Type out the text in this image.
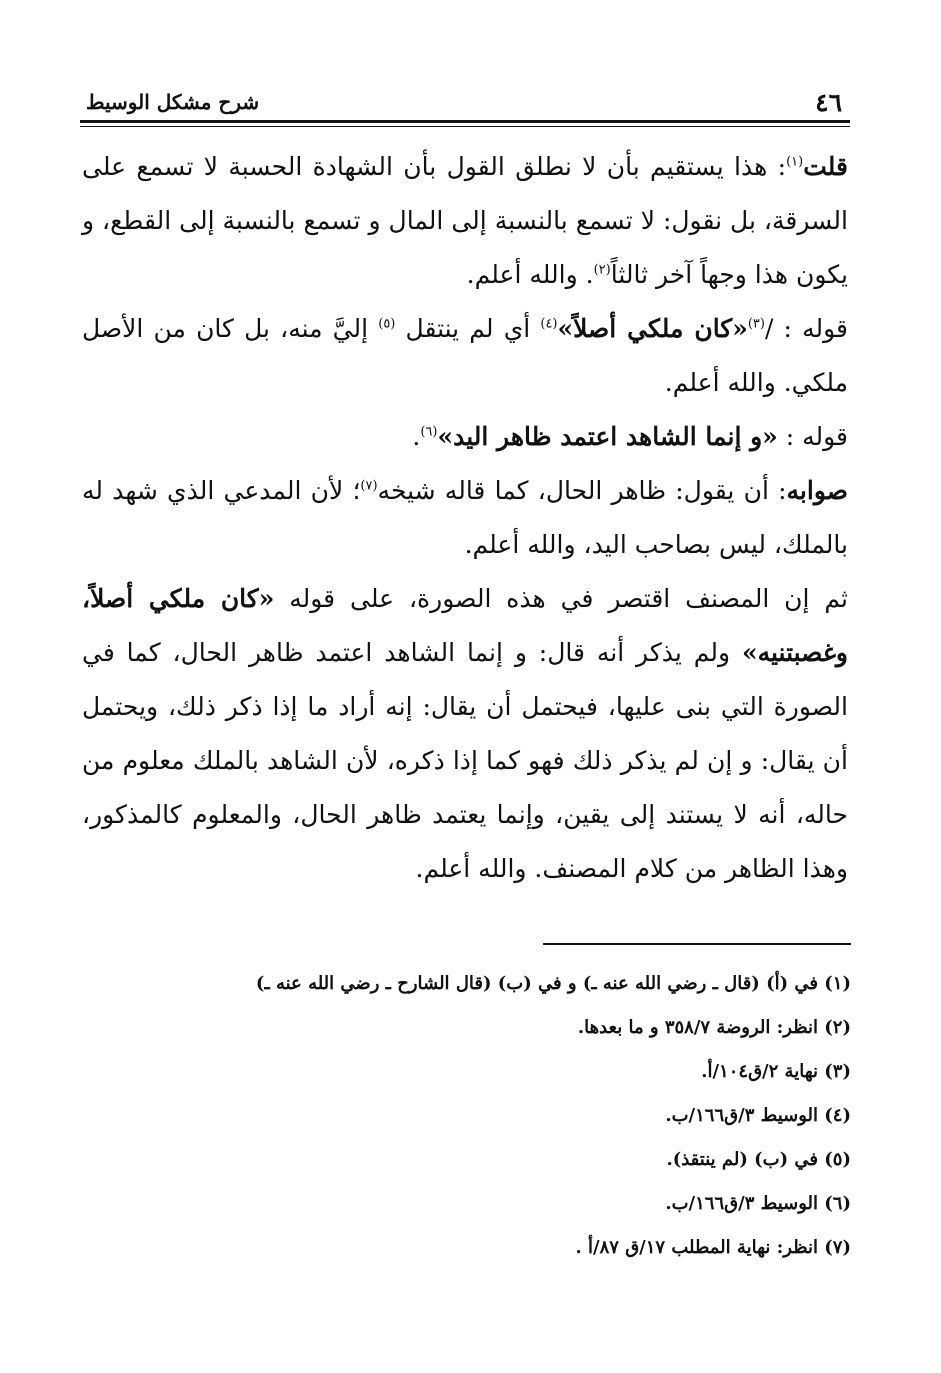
٤٦
شرح مشكل الوسيط

قلت$^{(١)}$: هذا يستقيم بأن لا نطلق القول بأن الشهادة الحسبة لا تسمع على السرقة، بل نقول: لا تسمع بالنسبة إلى المال و تسمع بالنسبة إلى القطع، و يكون هذا وجهاً آخر ثالثاً$^{(٢)}$. والله أعلم.

قوله : /$^{(٣)}$«كان ملكي أصلاً»$^{(٤)}$ أي لم ينتقل $^{(٥)}$ إليَّ منه، بل كان من الأصل ملكي. والله أعلم.

قوله : «و إنما الشاهد اعتمد ظاهر اليد»$^{(٦)}$.

صوابه: أن يقول: ظاهر الحال، كما قاله شيخه$^{(٧)}$؛ لأن المدعي الذي شهد له بالملك، ليس بصاحب اليد، والله أعلم.

ثم إن المصنف اقتصر في هذه الصورة، على قوله «كان ملكي أصلاً، وغصبتنيه» ولم يذكر أنه قال: و إنما الشاهد اعتمد ظاهر الحال، كما في الصورة التي بنى عليها، فيحتمل أن يقال: إنه أراد ما إذا ذكر ذلك، ويحتمل أن يقال: و إن لم يذكر ذلك فهو كما إذا ذكره، لأن الشاهد بالملك معلوم من حاله، أنه لا يستند إلى يقين، وإنما يعتمد ظاهر الحال، والمعلوم كالمذكور، وهذا الظاهر من كلام المصنف. والله أعلم.

(١) في (أ) (قال ـ رضي الله عنه ـ) و في (ب) (قال الشارح ـ رضي الله عنه ـ)
(٢) انظر: الروضة ٣٥٨/٧ و ما بعدها.
(٣) نهاية ٢/ق١٠٤/أ.
(٤) الوسيط ٣/ق١٦٦/ب.
(٥) في (ب) (لم ينتقذ).
(٦) الوسيط ٣/ق١٦٦/ب.
(٧) انظر: نهاية المطلب ١٧/ق ٨٧/أ .
